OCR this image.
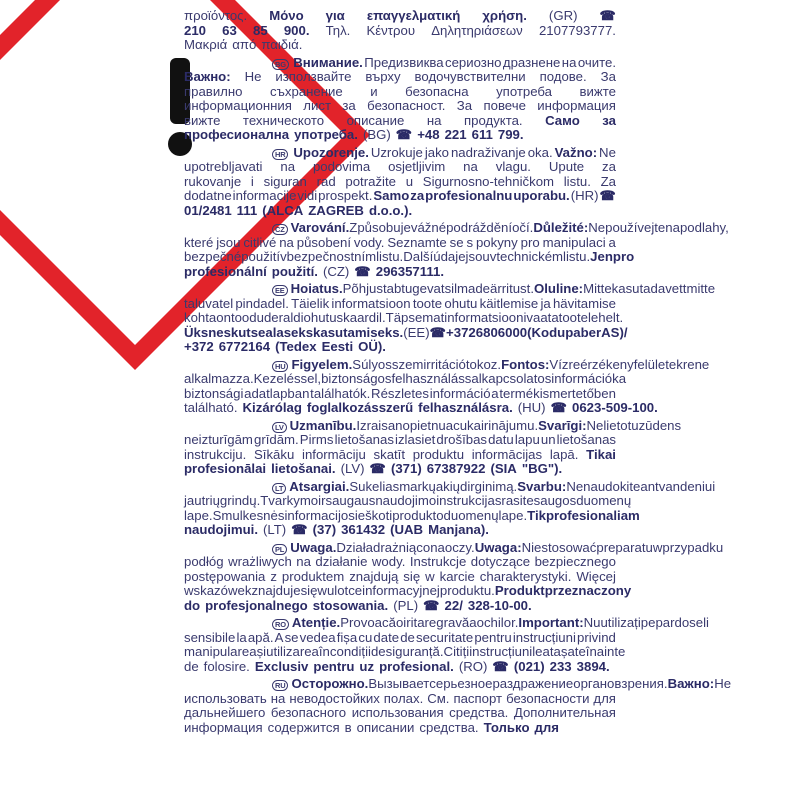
προϊόντος. Μόνο για επαγγελματική χρήση. (GR) ☎
210 63 85 900. Τηλ. Κέντρου Δηλητηριάσεων 2107793777.
Μακριά από παιδιά.
BG Внимание. Предизвиква сериозно дразнене на очите.
Важно: Не използвайте върху водочувствителни подове. За
правилно съхранение и безопасна употреба вижте
информационния лист за безопасност. За повече информация
вижте техническото описание на продукта. Само за
професионална употреба. (BG) ☎ +48 221 611 799.
HR Upozorenje. Uzrokuje jako nadraživanje oka. Važno: Ne
upotrebljavati na podovima osjetljivim na vlagu. Upute za
rukovanje i siguran rad potražite u Sigurnosno-tehničkom listu. Za
dodatne informacije vidi prospekt. Samo za profesionalnu uporabu. (HR) ☎
01/2481 111 (ALCA ZAGREB d.o.o.).
CZ Varování. Způsobuje vážné podráždění očí. Důležité: Nepoužívejte na podlahy,
které jsou citlivé na působení vody. Seznamte se s pokyny pro manipulaci a
bezpečné použití v bezpečnostním listu. Další údaje jsou v technickém listu. Jen pro
profesionální použití. (CZ) ☎ 296357111.
EE Hoiatus. Põhjustab tugevat silmade ärritust. Oluline: Mitte kasutada vett mitte
taluvatel pindadel. Täielik informatsioon toote ohutu käitlemise ja hävitamise
kohta on toodud eraldi ohutuskaardil. Täpsemat informatsiooni vaata tootelehelt.
Üksnes kutsealaseks kasutamiseks. (EE) ☎ +372 6 80 6000 (Kodupaber AS) /
+372 6772164 (Tedex Eesti OÜ).
HU Figyelem. Súlyos szemirritációt okoz. Fontos: Vízre érzékeny felületekre ne
alkalmazza. Kezeléssel, biztonságos felhasználással kapcsolatos információk a
biztonsági adatlapban találhatók. Részletes információ a termékismertetőben
található. Kizárólag foglalkozásszerű felhasználásra. (HU) ☎ 0623-509-100.
LV Uzmanību. Izraisa nopietnu acu kairinājumu. Svarīgi: Nelietot uz ūdens
neizturīgām grīdām. Pirms lietošanas izlasiet drošības datu lapu un lietošanas
instrukciju. Sīkāku informāciju skatīt produktu informācijas lapā. Tikai
profesionālai lietošanai. (LV) ☎ (371) 67387922 (SIA "BG").
LT Atsargiai. Sukelia smarkų akių dirginimą. Svarbu: Nenaudokite ant vandeniui
jautrių grindų. Tvarkymo ir saugaus naudojimo instrukcijas rasite saugos duomenų
lape. Smulkesnės informacijos ieškoti produkto duomenų lape. Tik profesionaliam
naudojimui. (LT) ☎ (37) 361432 (UAB Manjana).
PL Uwaga. Działa drażniąco na oczy. Uwaga: Nie stosować preparatu w przypadku
podłóg wrażliwych na działanie wody. Instrukcje dotyczące bezpiecznego
postępowania z produktem znajdują się w karcie charakterystyki. Więcej
wskazówek znajduje się w ulotce informacyjnej produktu. Produkt przeznaczony
do profesjonalnego stosowania. (PL) ☎ 22/ 328-10-00.
RO Atenție. Provoacă o iritare gravă a ochilor. Important: Nu utilizați pe pardoseli
sensibile la apă. A se vedea fișa cu date de securitate pentru instrucțiuni privind
manipularea și utilizarea în condiții de siguranță. Citiți instrucțiunile atașate înainte
de folosire. Exclusiv pentru uz profesional. (RO) ☎ (021) 233 3894.
RU Осторожно. Вызывает серьезное раздражение органов зрения. Важно: Не
использовать на неводостойких полах. См. паспорт безопасности для
дальнейшего безопасного использования средства. Дополнительная
информация содержится в описании средства. Только для
